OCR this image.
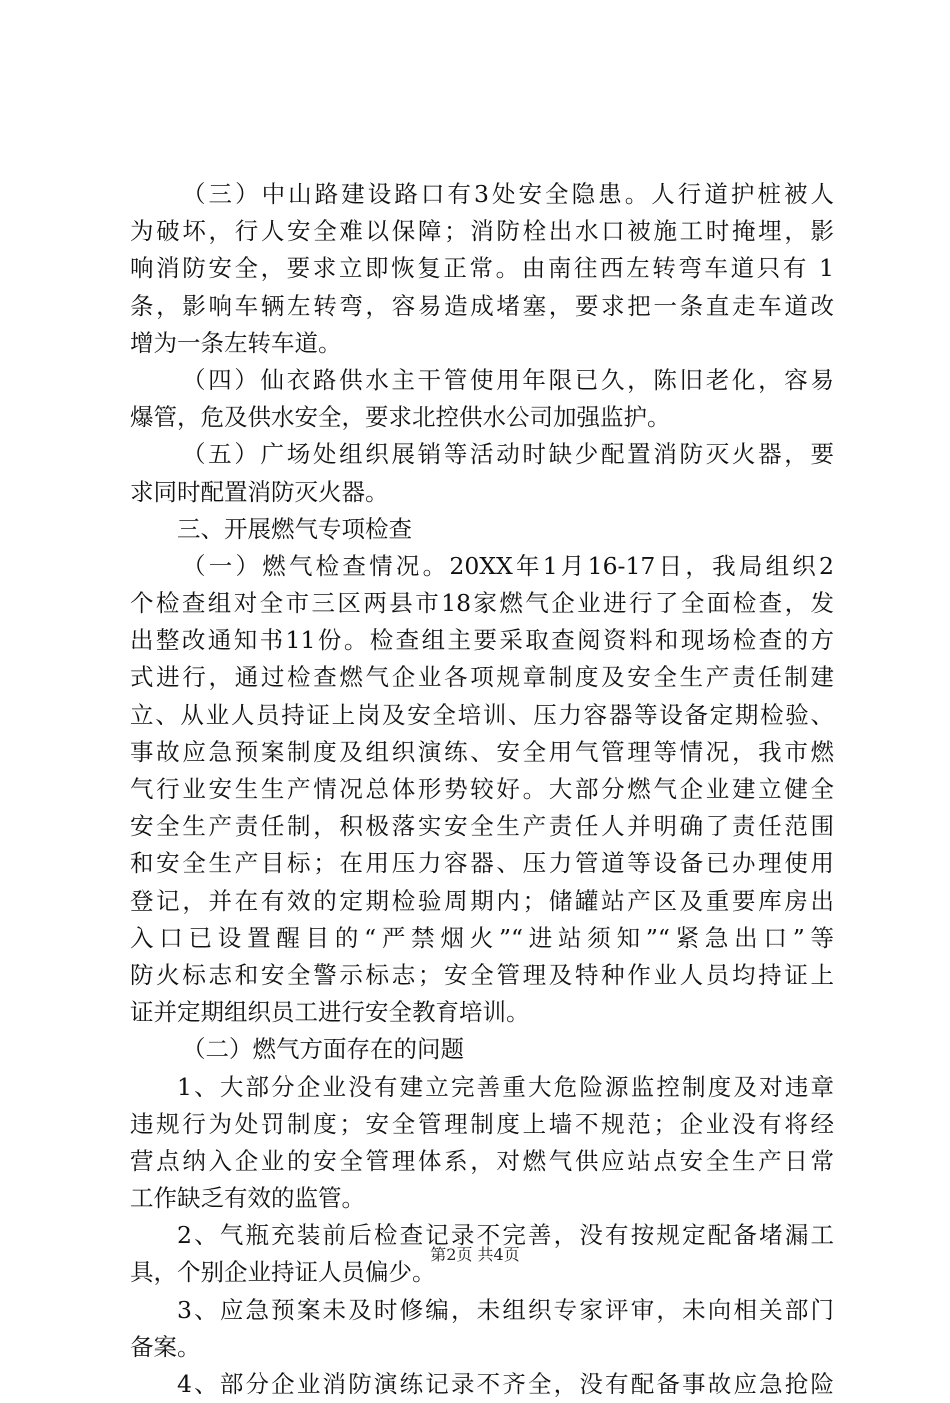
（三）中山路建设路口有3处安全隐患。人行道护桩被人
为破坏，行人安全难以保障；消防栓出水口被施工时掩埋，影
响消防安全，要求立即恢复正常。由南往西左转弯车道只有 1
条，影响车辆左转弯，容易造成堵塞，要求把一条直走车道改
增为一条左转车道。
（四）仙衣路供水主干管使用年限已久，陈旧老化，容易
爆管，危及供水安全，要求北控供水公司加强监护。
（五）广场处组织展销等活动时缺少配置消防灭火器，要
求同时配置消防灭火器。
三、开展燃气专项检查
（一）燃气检查情况。20XX年1月16-17日，我局组织2
个检查组对全市三区两县市18家燃气企业进行了全面检查，发
出整改通知书11份。检查组主要采取查阅资料和现场检查的方
式进行，通过检查燃气企业各项规章制度及安全生产责任制建
立、从业人员持证上岗及安全培训、压力容器等设备定期检验、
事故应急预案制度及组织演练、安全用气管理等情况，我市燃
气行业安生生产情况总体形势较好。大部分燃气企业建立健全
安全生产责任制，积极落实安全生产责任人并明确了责任范围
和安全生产目标；在用压力容器、压力管道等设备已办理使用
登记，并在有效的定期检验周期内；储罐站产区及重要库房出
入口已设置醒目的“严禁烟火”“进站须知”“紧急出口”等
防火标志和安全警示标志；安全管理及特种作业人员均持证上
证并定期组织员工进行安全教育培训。
（二）燃气方面存在的问题
1、大部分企业没有建立完善重大危险源监控制度及对违章
违规行为处罚制度；安全管理制度上墙不规范；企业没有将经
营点纳入企业的安全管理体系，对燃气供应站点安全生产日常
工作缺乏有效的监管。
2、气瓶充装前后检查记录不完善，没有按规定配备堵漏工
具，个别企业持证人员偏少。
3、应急预案未及时修编，未组织专家评审，未向相关部门
备案。
4、部分企业消防演练记录不齐全，没有配备事故应急抢险
第2页 共4页
